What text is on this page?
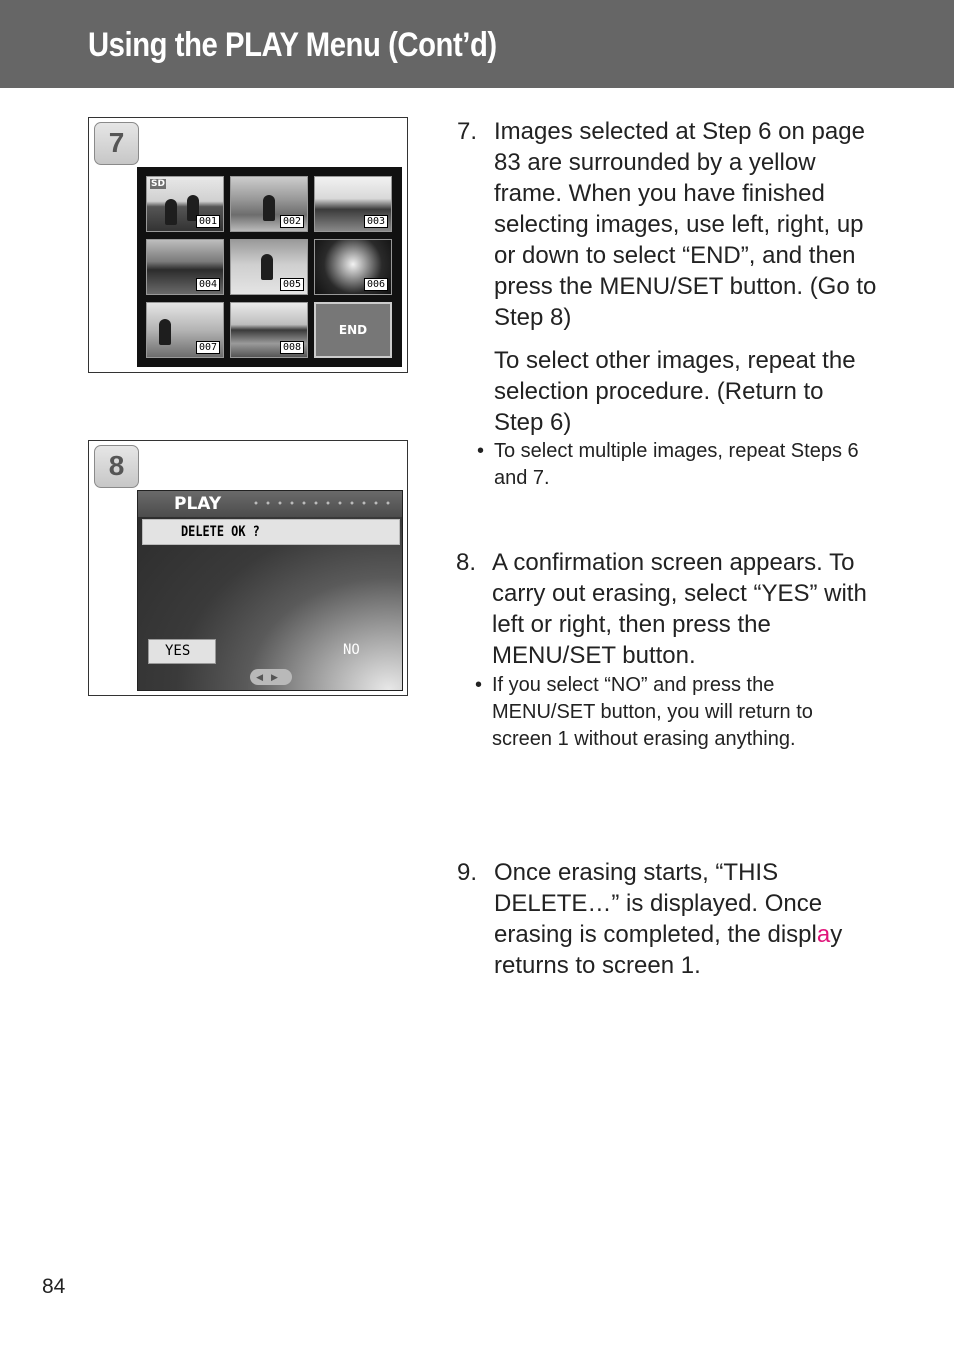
Using the PLAY Menu (Cont’d)
7
SD
001	002	003
004	005	006
007	008
END
8
PLAY
DELETE OK ?
YES	NO
◀▶
7. Images selected at Step 6 on page
83 are surrounded by a yellow
frame. When you have finished
selecting images, use left, right, up
or down to select “END”, and then
press the MENU/SET button. (Go to
Step 8)
To select other images, repeat the
selection procedure. (Return to
Step 6)
• To select multiple images, repeat Steps 6
and 7.
8. A confirmation screen appears. To
carry out erasing, select “YES” with
left or right, then press the
MENU/SET button.
• If you select “NO” and press the
MENU/SET button, you will return to
screen 1 without erasing anything.
9. Once erasing starts, “THIS
DELETE…” is displayed. Once
erasing is completed, the display
returns to screen 1.
84
